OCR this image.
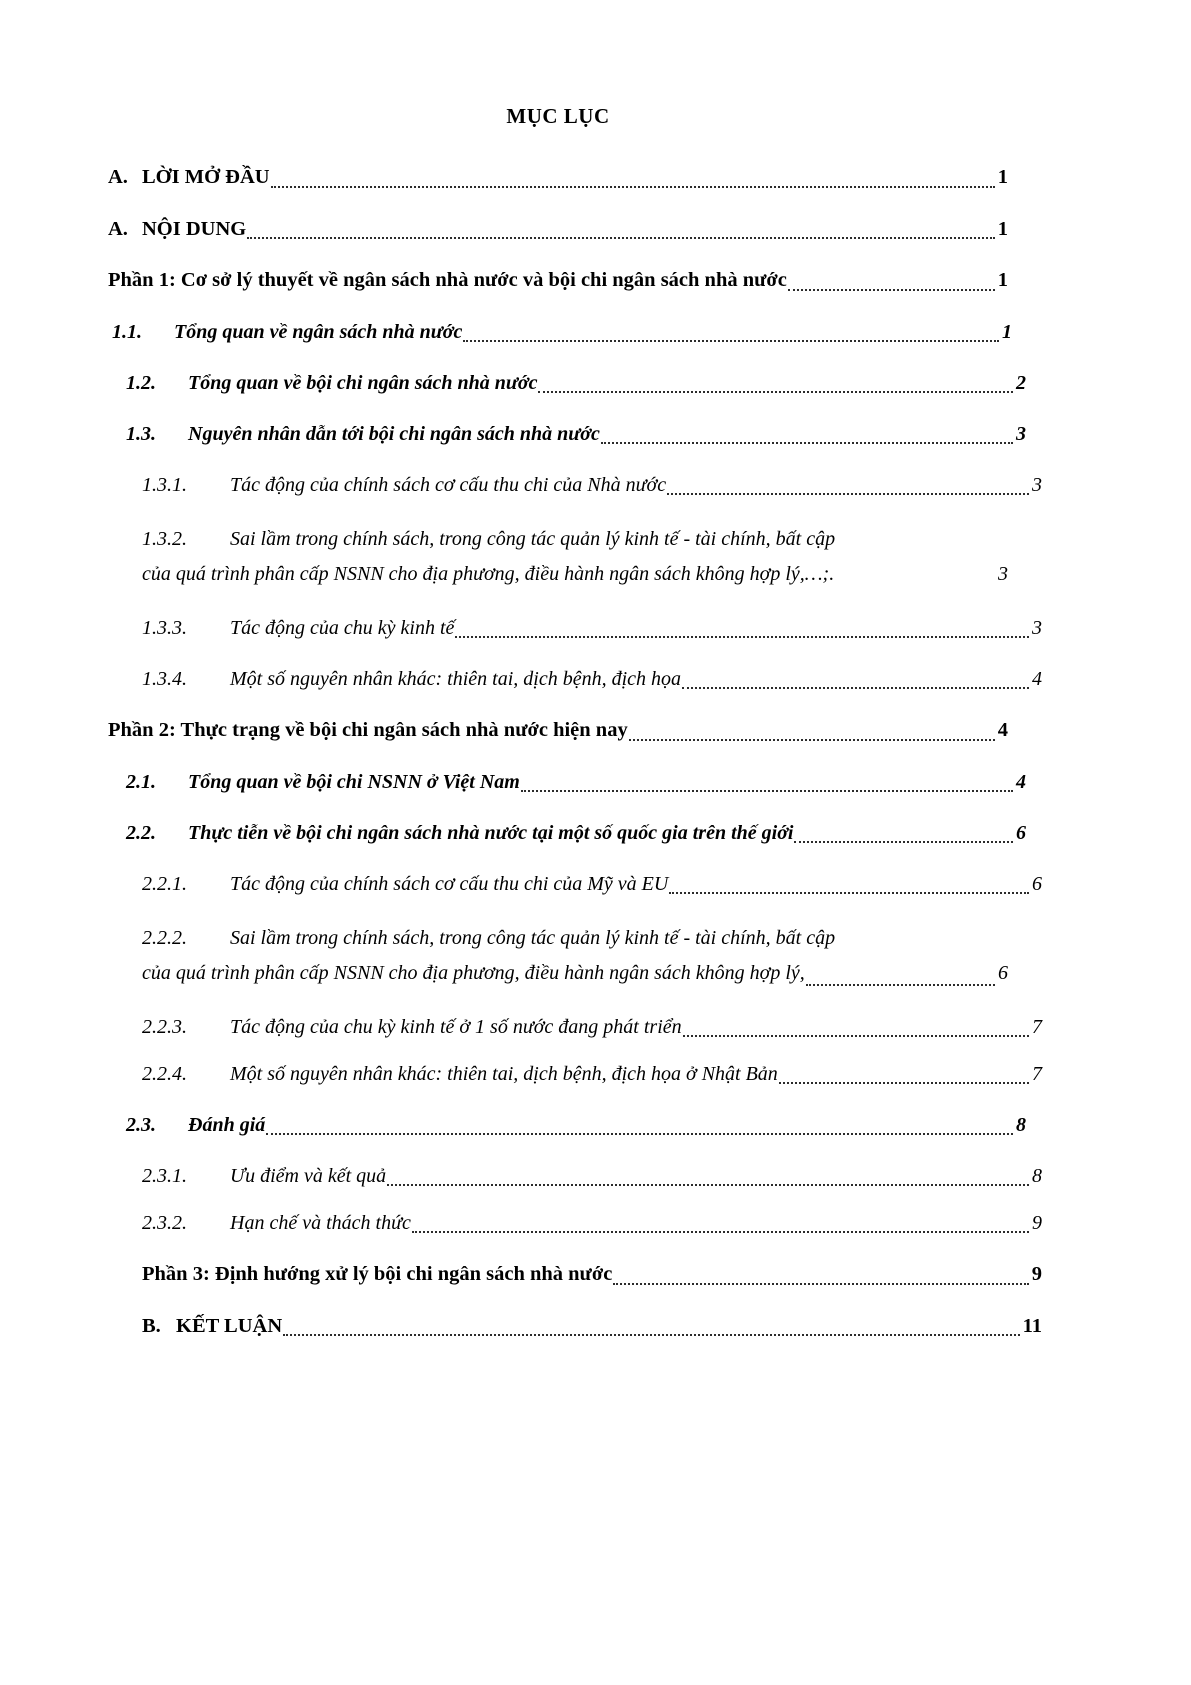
MỤC LỤC
A. LỜI MỞ ĐẦU	1
A. NỘI DUNG	1
Phần 1: Cơ sở lý thuyết về ngân sách nhà nước và bội chi ngân sách nhà nước	1
1.1. Tổng quan về ngân sách nhà nước	1
1.2. Tổng quan về bội chi ngân sách nhà nước	2
1.3. Nguyên nhân dẫn tới bội chi ngân sách nhà nước	3
1.3.1. Tác động của chính sách cơ cấu thu chi của Nhà nước	3
1.3.2. Sai lầm trong chính sách, trong công tác quản lý kinh tế - tài chính, bất cập
của quá trình phân cấp NSNN cho địa phương, điều hành ngân sách không hợp lý,…;.	3
1.3.3. Tác động của chu kỳ kinh tế	3
1.3.4. Một số nguyên nhân khác: thiên tai, dịch bệnh, địch họa	4
Phần 2: Thực trạng về bội chi ngân sách nhà nước hiện nay	4
2.1. Tổng quan về bội chi NSNN ở Việt Nam	4
2.2. Thực tiễn về bội chi ngân sách nhà nước tại một số quốc gia trên thế giới	6
2.2.1. Tác động của chính sách cơ cấu thu chi của Mỹ và EU	6
2.2.2. Sai lầm trong chính sách, trong công tác quản lý kinh tế - tài chính, bất cập
của quá trình phân cấp NSNN cho địa phương, điều hành ngân sách không hợp lý,	6
2.2.3. Tác động của chu kỳ kinh tế ở 1 số nước đang phát triển	7
2.2.4. Một số nguyên nhân khác: thiên tai, dịch bệnh, địch họa ở Nhật Bản	7
2.3. Đánh giá	8
2.3.1. Ưu điểm và kết quả	8
2.3.2. Hạn chế và thách thức	9
Phần 3: Định hướng xử lý bội chi ngân sách nhà nước	9
B. KẾT LUẬN	11
